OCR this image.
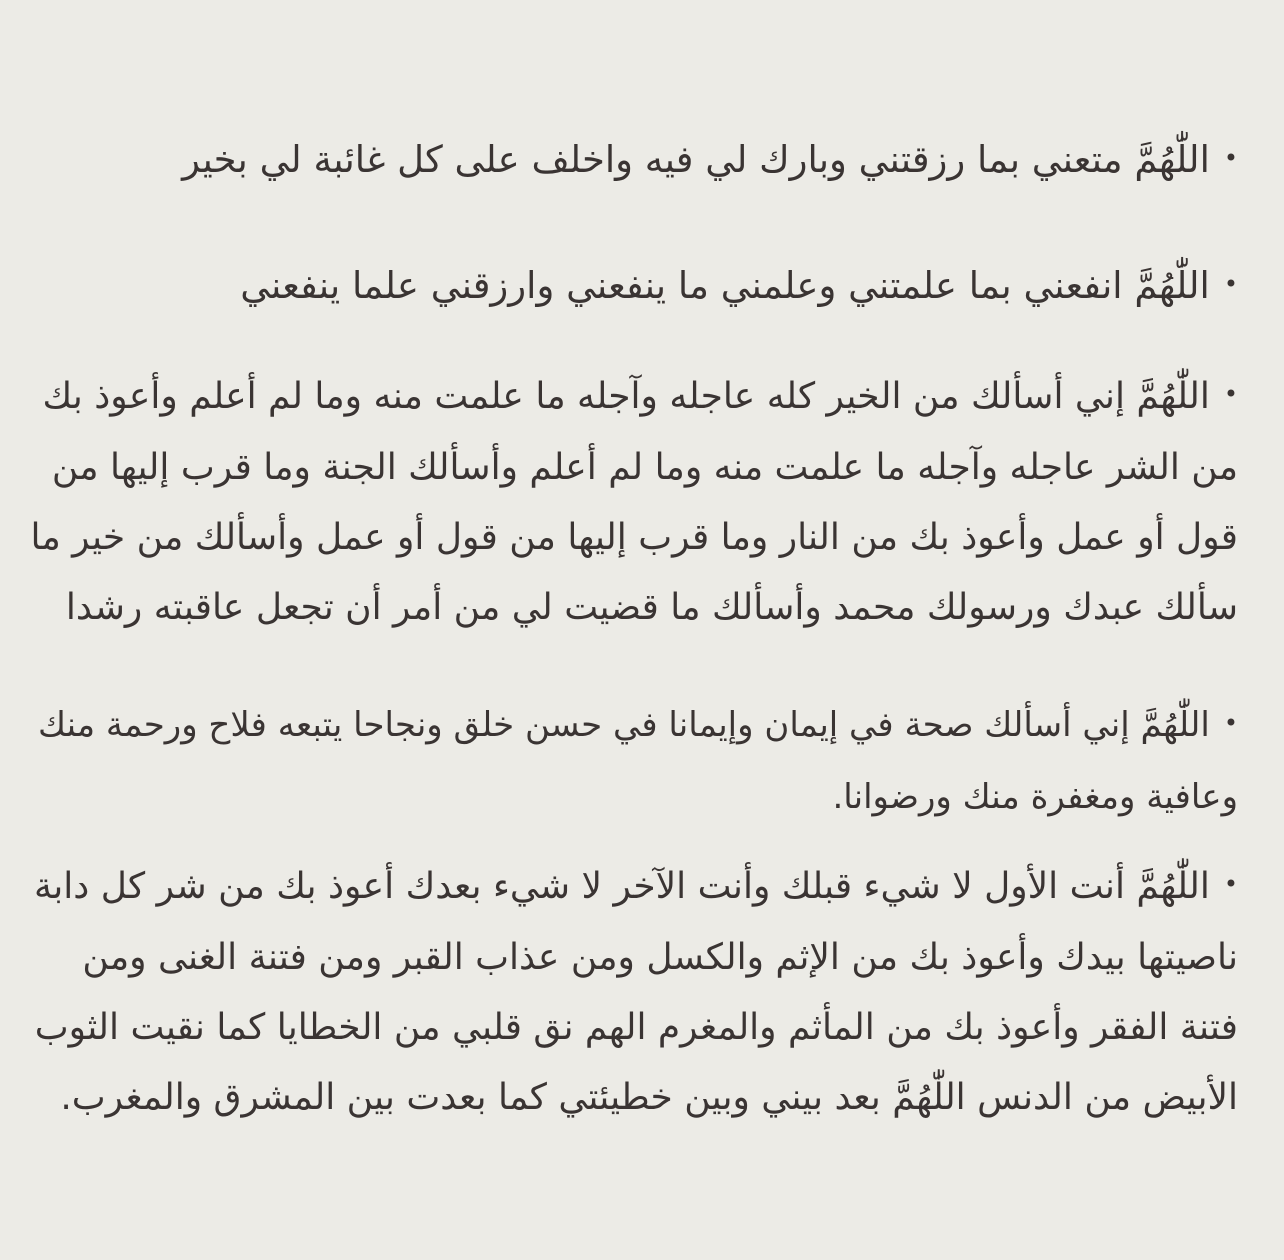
•اللّٰهُمَّ متعني بما رزقتني وبارك لي فيه واخلف على كل غائبة لي بخير
•اللّٰهُمَّ انفعني بما علمتني وعلمني ما ينفعني وارزقني علما ينفعني
•اللّٰهُمَّ إني أسألك من الخير كله عاجله وآجله ما علمت منه وما لم أعلم وأعوذ بك
من الشر عاجله وآجله ما علمت منه وما لم أعلم وأسألك الجنة وما قرب إليها من
قول أو عمل وأعوذ بك من النار وما قرب إليها من قول أو عمل وأسألك من خير ما
سألك عبدك ورسولك محمد وأسألك ما قضيت لي من أمر أن تجعل عاقبته رشدا
•اللّٰهُمَّ إني أسألك صحة في إيمان وإيمانا في حسن خلق ونجاحا يتبعه فلاح ورحمة منك
وعافية ومغفرة منك ورضوانا.
•اللّٰهُمَّ أنت الأول لا شيء قبلك وأنت الآخر لا شيء بعدك أعوذ بك من شر كل دابة
ناصيتها بيدك وأعوذ بك من الإثم والكسل ومن عذاب القبر ومن فتنة الغنى ومن
فتنة الفقر وأعوذ بك من المأثم والمغرم الهم نق قلبي من الخطايا كما نقيت الثوب
الأبيض من الدنس اللّٰهُمَّ بعد بيني وبين خطيئتي كما بعدت بين المشرق والمغرب.
